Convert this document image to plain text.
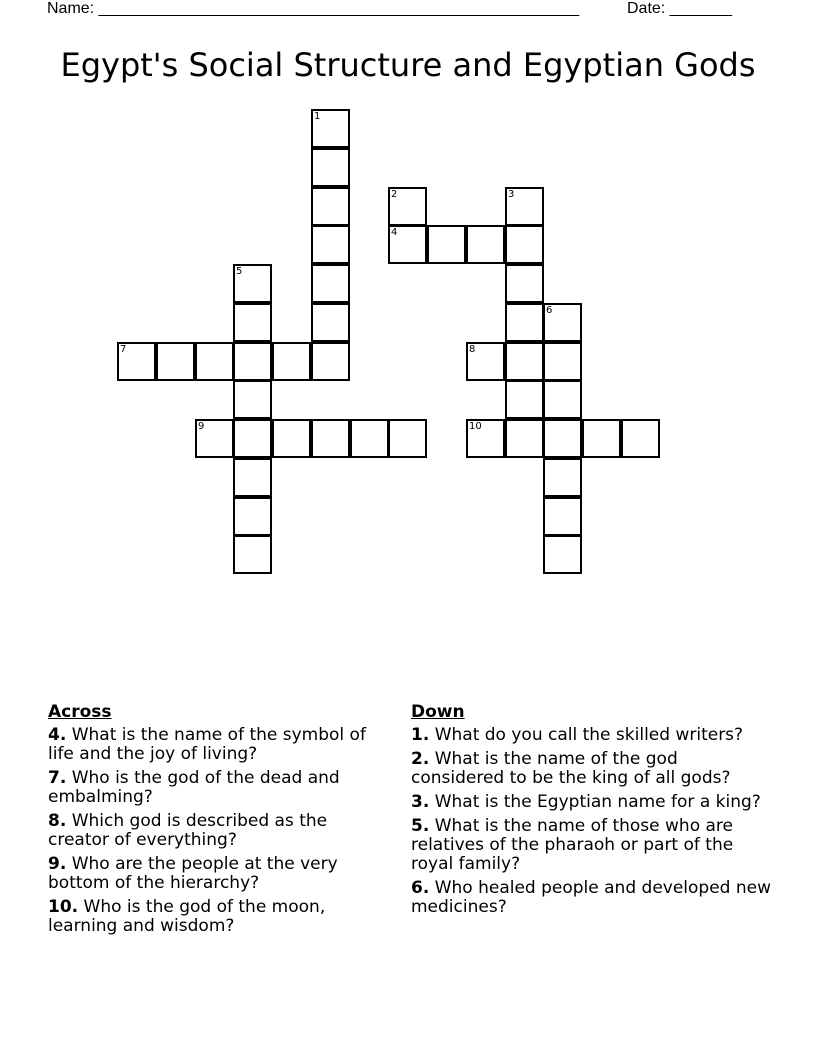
Name: ______________________________________________________	Date: _______
Egypt's Social Structure and Egyptian Gods
1
2
4
3
5
7	8
6
9	10
Across
4. What is the name of the symbol of life and the joy of living?
7. Who is the god of the dead and embalming?
8. Which god is described as the creator of everything?
9. Who are the people at the very bottom of the hierarchy?
10. Who is the god of the moon, learning and wisdom?
Down
1. What do you call the skilled writers?
2. What is the name of the god considered to be the king of all gods?
3. What is the Egyptian name for a king?
5. What is the name of those who are relatives of the pharaoh or part of the royal family?
6. Who healed people and developed new medicines?
